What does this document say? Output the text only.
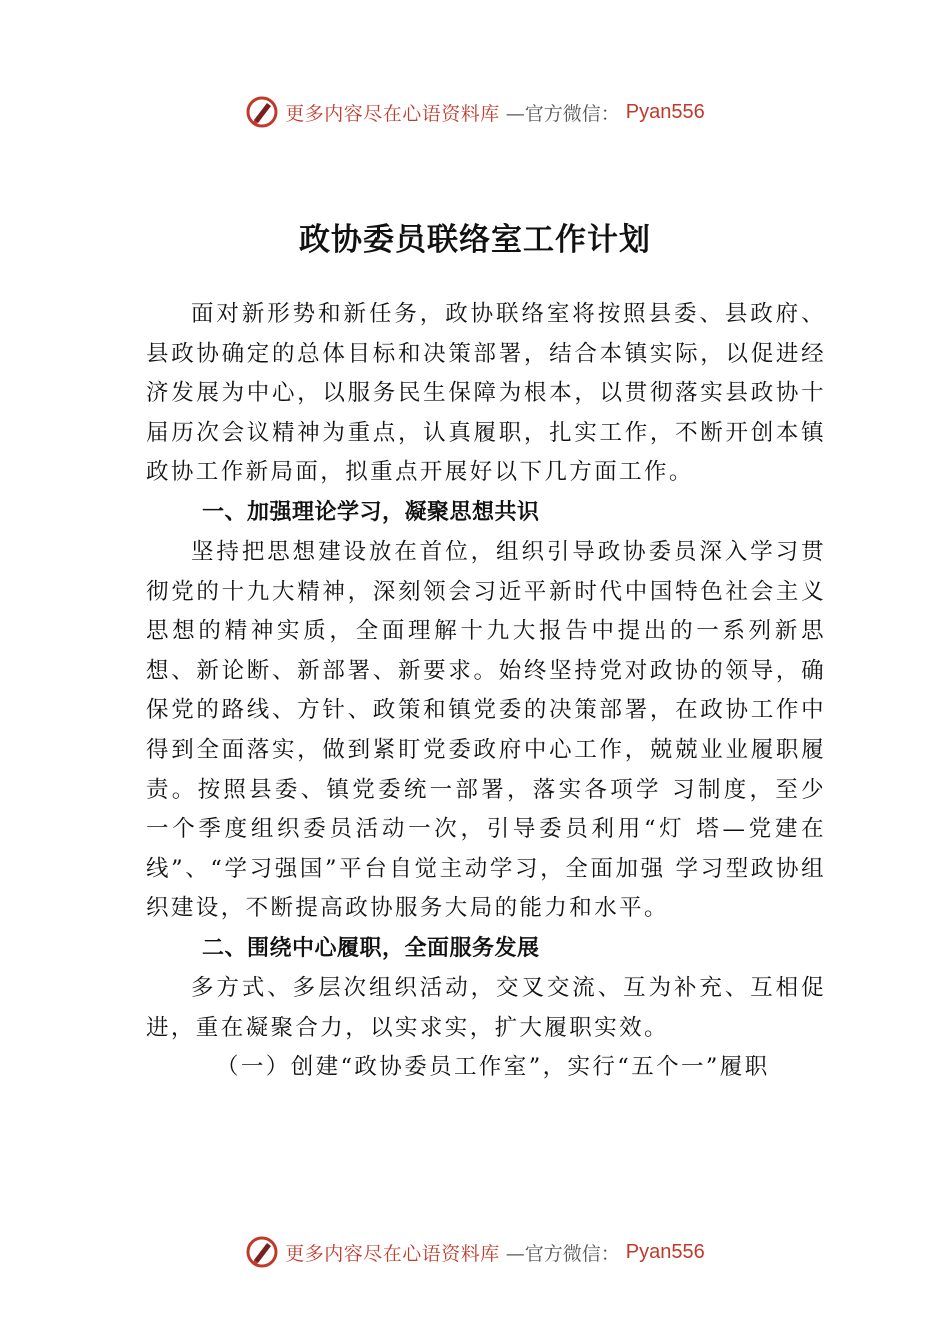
更多内容尽在心语资料库 —官方微信： Pyan556
政协委员联络室工作计划

面对新形势和新任务，政协联络室将按照县委、县政府、县政协确定的总体目标和决策部署，结合本镇实际，以促进经济发展为中心，以服务民生保障为根本，以贯彻落实县政协十届历次会议精神为重点，认真履职，扎实工作，不断开创本镇政协工作新局面，拟重点开展好以下几方面工作。

一、加强理论学习，凝聚思想共识

坚持把思想建设放在首位，组织引导政协委员深入学习贯彻党的十九大精神，深刻领会习近平新时代中国特色社会主义思想的精神实质，全面理解十九大报告中提出的一系列新思想、新论断、新部署、新要求。始终坚持党对政协的领导，确保党的路线、方针、政策和镇党委的决策部署，在政协工作中得到全面落实，做到紧盯党委政府中心工作，兢兢业业履职履责。按照县委、镇党委统一部署，落实各项学 习制度，至少一个季度组织委员活动一次，引导委员利用“灯 塔—党建在线”、“学习强国”平台自觉主动学习，全面加强 学习型政协组织建设，不断提高政协服务大局的能力和水平。

二、围绕中心履职，全面服务发展

多方式、多层次组织活动，交叉交流、互为补充、互相促进，重在凝聚合力，以实求实，扩大履职实效。

（一）创建“政协委员工作室”，实行“五个一”履职

更多内容尽在心语资料库 —官方微信： Pyan556
